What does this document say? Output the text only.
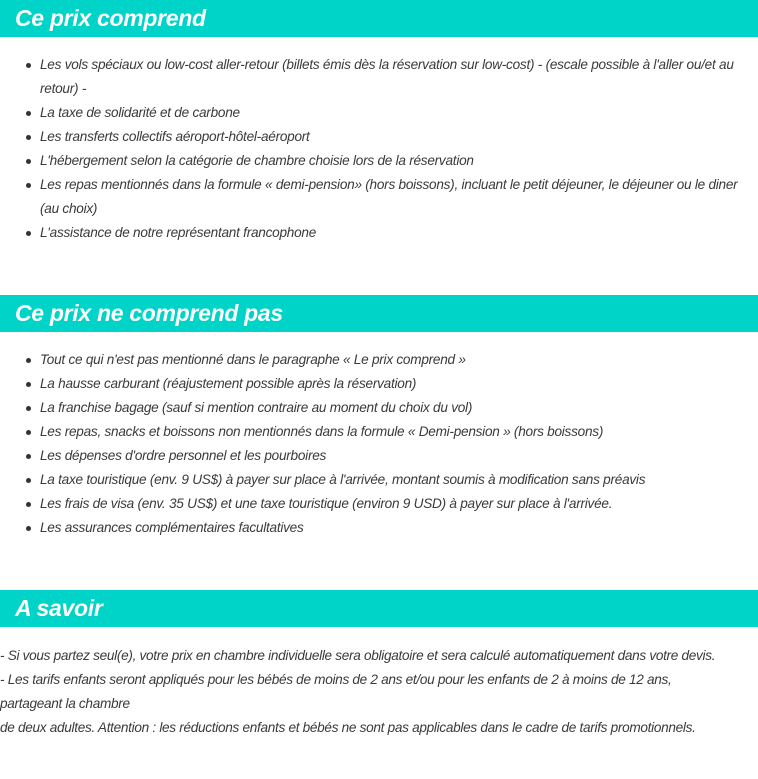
Ce prix comprend
Les vols spéciaux ou low-cost aller-retour (billets émis dès la réservation sur low-cost) - (escale possible à l'aller ou/et au retour) -
La taxe de solidarité et de carbone
Les transferts collectifs aéroport-hôtel-aéroport
L'hébergement selon la catégorie de chambre choisie lors de la réservation
Les repas mentionnés dans la formule « demi-pension» (hors boissons), incluant le petit déjeuner, le déjeuner ou le diner (au choix)
L'assistance de notre représentant francophone
Ce prix ne comprend pas
Tout ce qui n'est pas mentionné dans le paragraphe « Le prix comprend »
La hausse carburant (réajustement possible après la réservation)
La franchise bagage (sauf si mention contraire au moment du choix du vol)
Les repas, snacks et boissons non mentionnés dans la formule « Demi-pension » (hors boissons)
Les dépenses d'ordre personnel et les pourboires
La taxe touristique (env. 9 US$) à payer sur place à l'arrivée, montant soumis à modification sans préavis
Les frais de visa (env. 35 US$) et une taxe touristique (environ 9 USD) à payer sur place à l'arrivée.
Les assurances complémentaires facultatives
A savoir
- Si vous partez seul(e), votre prix en chambre individuelle sera obligatoire et sera calculé automatiquement dans votre devis.
- Les tarifs enfants seront appliqués pour les bébés de moins de 2 ans et/ou pour les enfants de 2 à moins de 12 ans, partageant la chambre
de deux adultes. Attention : les réductions enfants et bébés ne sont pas applicables dans le cadre de tarifs promotionnels.
